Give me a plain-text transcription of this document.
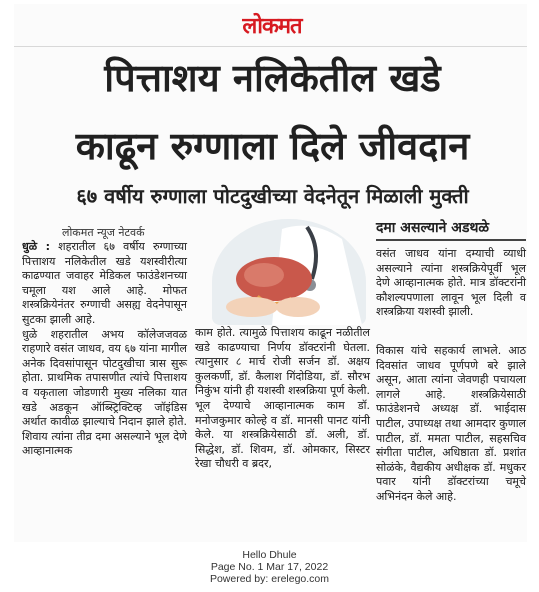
लोकमत
पित्ताशय नलिकेतील खडे
काढून रुग्णाला दिले जीवदान
६७ वर्षीय रुग्णाला पोटदुखीच्या वेदनेतून मिळाली मुक्ती
लोकमत न्यूज नेटवर्क

धुळे : शहरातील ६७ वर्षीय रुग्णाच्या पित्ताशय नलिकेतील खडे यशस्वीरीत्या काढण्यात जवाहर मेडिकल फाउंडेशनच्या चमूला यश आले आहे. मोफत शस्त्रक्रियेनंतर रुग्णाची असह्य वेदनेपासून सुटका झाली आहे.

धुळे शहरातील अभय कॉलेजजवळ राहणारे वसंत जाधव, वय ६७ यांना मागील अनेक दिवसांपासून पोटदुखीचा त्रास सुरू होता. प्राथमिक तपासणीत त्यांचे पित्ताशय व यकृताला जोडणारी मुख्य नलिका यात खडे अडकून ऑब्स्ट्रिक्टिव्ह जॉइंडिस अर्थात कावीळ झाल्याचे निदान झाले होते. शिवाय त्यांना तीव्र दमा असल्याने भूल देणे आव्हानात्मक

काम होते. त्यामुळे पित्ताशय काढून नळीतील खडे काढण्याचा निर्णय डॉक्टरांनी घेतला. त्यानुसार ८ मार्च रोजी सर्जन डॉ. अक्षय कुलकर्णी, डॉ. कैलाश गिंदोडिया, डॉ. सौरभ निकुंभ यांनी ही यशस्वी शस्त्रक्रिया पूर्ण केली. भूल देण्याचे आव्हानात्मक काम डॉ. मनोजकुमार कोल्हे व डॉ. मानसी पानट यांनी केले. या शस्त्रक्रियेसाठी डॉ. अली, डॉ. सिद्धेश, डॉ. शिवम, डॉ. ओमकार, सिस्टर रेखा चौधरी व ब्रदर,

दमा असल्याने अडथळे

वसंत जाधव यांना दम्याची व्याधी असल्याने त्यांना शस्त्रक्रियेपूर्वी भूल देणे आव्हानात्मक होते. मात्र डॉक्टरांनी कौशल्यपणाला लावून भूल दिली व शस्त्रक्रिया यशस्वी झाली.

विकास यांचे सहकार्य लाभले. आठ दिवसांत जाधव पूर्णपणे बरे झाले असून, आता त्यांना जेवणही पचायला लागले आहे. शस्त्रक्रियेसाठी फाउंडेशनचे अध्यक्ष डॉ. भाईदास पाटील, उपाध्यक्ष तथा आमदार कुणाल पाटील, डॉ. ममता पाटील, सहसचिव संगीता पाटील, अधिष्ठाता डॉ. प्रशांत सोळंके, वैद्यकीय अधीक्षक डॉ. मधुकर पवार यांनी डॉक्टरांच्या चमूचे अभिनंदन केले आहे.

Hello Dhule
Page No. 1 Mar 17, 2022
Powered by: erelego.com
